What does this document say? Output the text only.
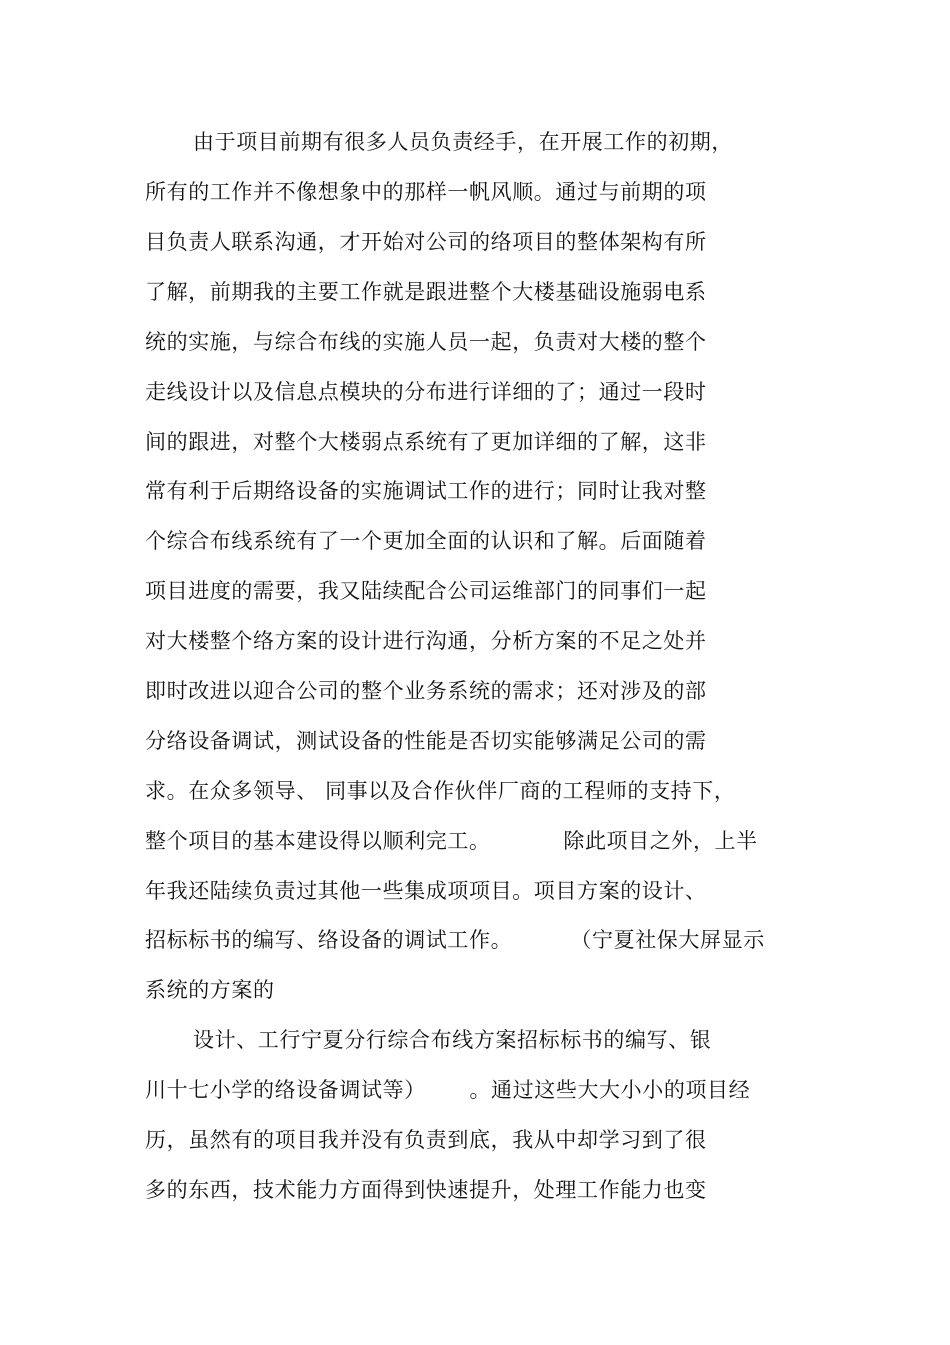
由于项目前期有很多人员负责经手，在开展工作的初期，
所有的工作并不像想象中的那样一帆风顺。通过与前期的项
目负责人联系沟通，才开始对公司的络项目的整体架构有所
了解，前期我的主要工作就是跟进整个大楼基础设施弱电系
统的实施，与综合布线的实施人员一起，负责对大楼的整个
走线设计以及信息点模块的分布进行详细的了；通过一段时
间的跟进，对整个大楼弱点系统有了更加详细的了解，这非
常有利于后期络设备的实施调试工作的进行；同时让我对整
个综合布线系统有了一个更加全面的认识和了解。后面随着
项目进度的需要，我又陆续配合公司运维部门的同事们一起
对大楼整个络方案的设计进行沟通，分析方案的不足之处并
即时改进以迎合公司的整个业务系统的需求；还对涉及的部
分络设备调试，测试设备的性能是否切实能够满足公司的需
求。在众多领导、 同事以及合作伙伴厂商的工程师的支持下，
整个项目的基本建设得以顺利完工。          除此项目之外，上半
年我还陆续负责过其他一些集成项项目。项目方案的设计、
招标标书的编写、络设备的调试工作。        （宁夏社保大屏显示
系统的方案的
设计、工行宁夏分行综合布线方案招标标书的编写、银
川十七小学的络设备调试等）      。通过这些大大小小的项目经
历，虽然有的项目我并没有负责到底，我从中却学习到了很
多的东西，技术能力方面得到快速提升，处理工作能力也变
